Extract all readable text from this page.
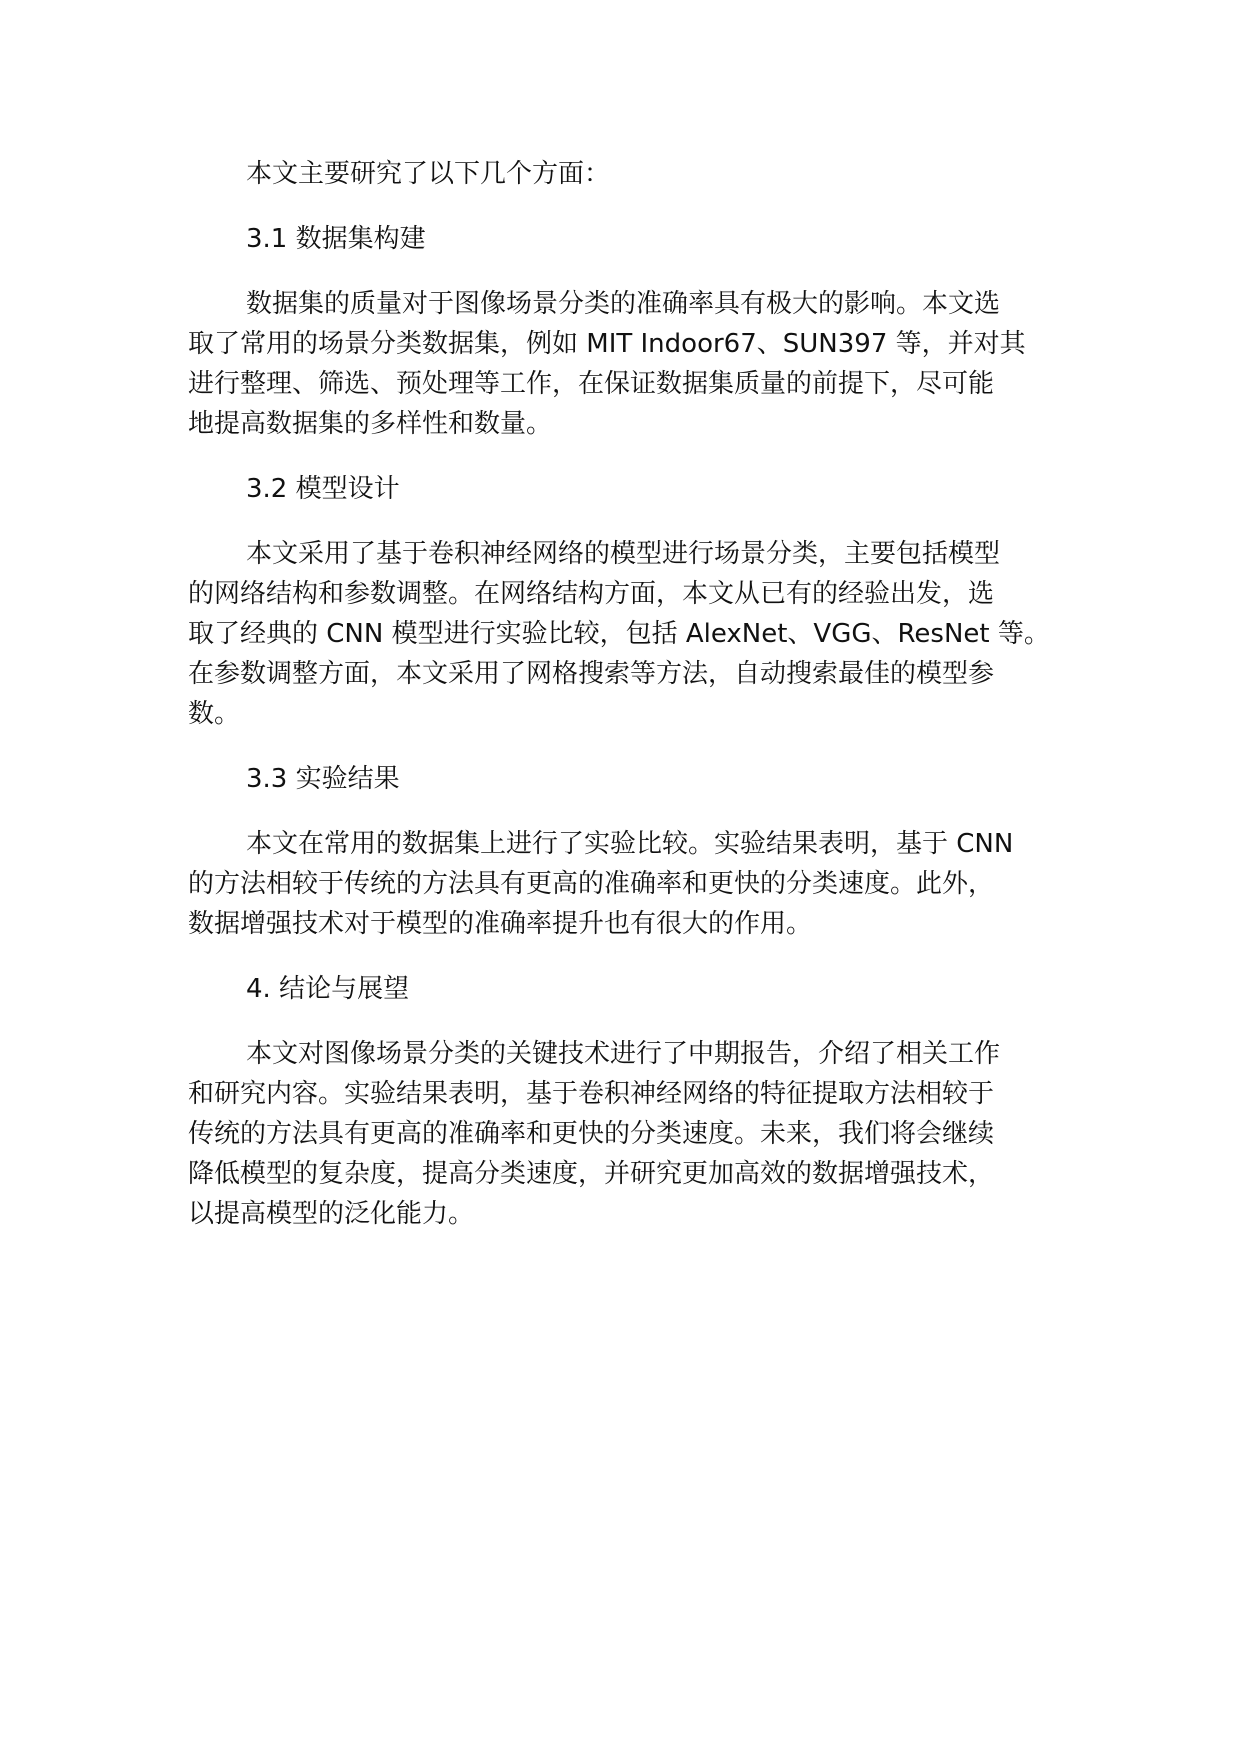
本文主要研究了以下几个方面：
3.1 数据集构建
数据集的质量对于图像场景分类的准确率具有极大的影响。本文选
取了常用的场景分类数据集，例如 MIT Indoor67、SUN397 等，并对其
进行整理、筛选、预处理等工作，在保证数据集质量的前提下，尽可能
地提高数据集的多样性和数量。
3.2 模型设计
本文采用了基于卷积神经网络的模型进行场景分类，主要包括模型
的网络结构和参数调整。在网络结构方面，本文从已有的经验出发，选
取了经典的 CNN 模型进行实验比较，包括 AlexNet、VGG、ResNet 等。
在参数调整方面，本文采用了网格搜索等方法，自动搜索最佳的模型参
数。
3.3 实验结果
本文在常用的数据集上进行了实验比较。实验结果表明，基于 CNN
的方法相较于传统的方法具有更高的准确率和更快的分类速度。此外，
数据增强技术对于模型的准确率提升也有很大的作用。
4. 结论与展望
本文对图像场景分类的关键技术进行了中期报告，介绍了相关工作
和研究内容。实验结果表明，基于卷积神经网络的特征提取方法相较于
传统的方法具有更高的准确率和更快的分类速度。未来，我们将会继续
降低模型的复杂度，提高分类速度，并研究更加高效的数据增强技术，
以提高模型的泛化能力。
